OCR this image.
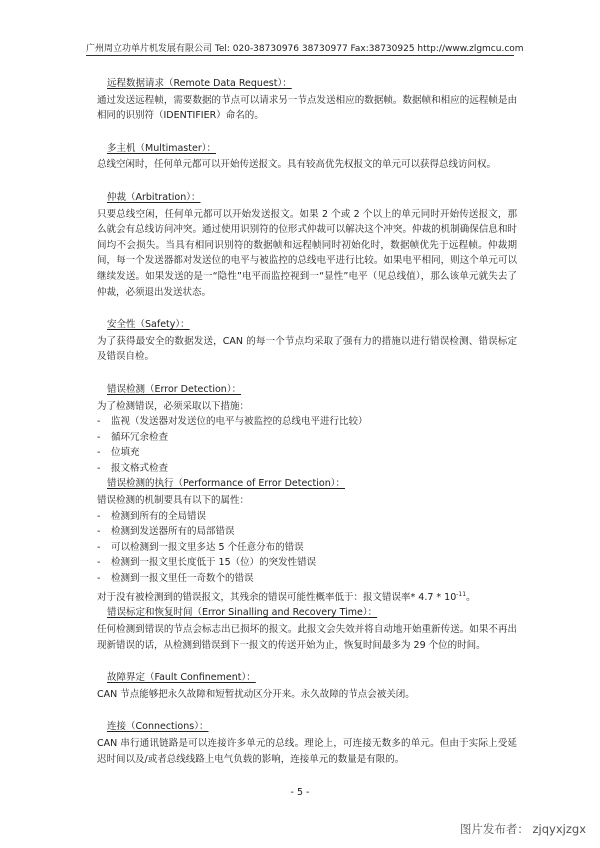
广州周立功单片机发展有限公司 Tel: 020-38730976 38730977 Fax:38730925 http://www.zlgmcu.com
远程数据请求（Remote Data Request）：
通过发送远程帧，需要数据的节点可以请求另一节点发送相应的数据帧。数据帧和相应的远程帧是由相同的识别符（IDENTIFIER）命名的。
多主机（Multimaster）：
总线空闲时，任何单元都可以开始传送报文。具有较高优先权报文的单元可以获得总线访问权。
仲裁（Arbitration）：
只要总线空闲，任何单元都可以开始发送报文。如果 2 个或 2 个以上的单元同时开始传送报文，那么就会有总线访问冲突。通过使用识别符的位形式仲裁可以解决这个冲突。仲裁的机制确保信息和时间均不会损失。当具有相同识别符的数据帧和远程帧同时初始化时，数据帧优先于远程帧。仲裁期间，每一个发送器都对发送位的电平与被监控的总线电平进行比较。如果电平相同，则这个单元可以继续发送。如果发送的是一“隐性”电平而监控视到一“显性”电平（见总线值），那么该单元就失去了仲裁，必须退出发送状态。
安全性（Safety）：
为了获得最安全的数据发送，CAN 的每一个节点均采取了强有力的措施以进行错误检测、错误标定及错误自检。
错误检测（Error Detection）：
为了检测错误，必须采取以下措施：
- 监视（发送器对发送位的电平与被监控的总线电平进行比较）
- 循环冗余检查
- 位填充
- 报文格式检查
错误检测的执行（Performance of Error Detection）：
错误检测的机制要具有以下的属性：
- 检测到所有的全局错误
- 检测到发送器所有的局部错误
- 可以检测到一报文里多达 5 个任意分布的错误
- 检测到一报文里长度低于 15（位）的突发性错误
- 检测到一报文里任一奇数个的错误
对于没有被检测到的错误报文，其残余的错误可能性概率低于：报文错误率* $4.7 * 10^{-11}$。
错误标定和恢复时间（Error Sinalling and Recovery Time）：
任何检测到错误的节点会标志出已损坏的报文。此报文会失效并将自动地开始重新传送。如果不再出现新错误的话，从检测到错误到下一报文的传送开始为止，恢复时间最多为 29 个位的时间。
故障界定（Fault Confinement）：
CAN 节点能够把永久故障和短暂扰动区分开来。永久故障的节点会被关闭。
连接（Connections）：
CAN 串行通讯链路是可以连接许多单元的总线。理论上，可连接无数多的单元。但由于实际上受延迟时间以及/或者总线线路上电气负载的影响，连接单元的数量是有限的。
- 5 -
图片发布者： zjqyxjzgx
